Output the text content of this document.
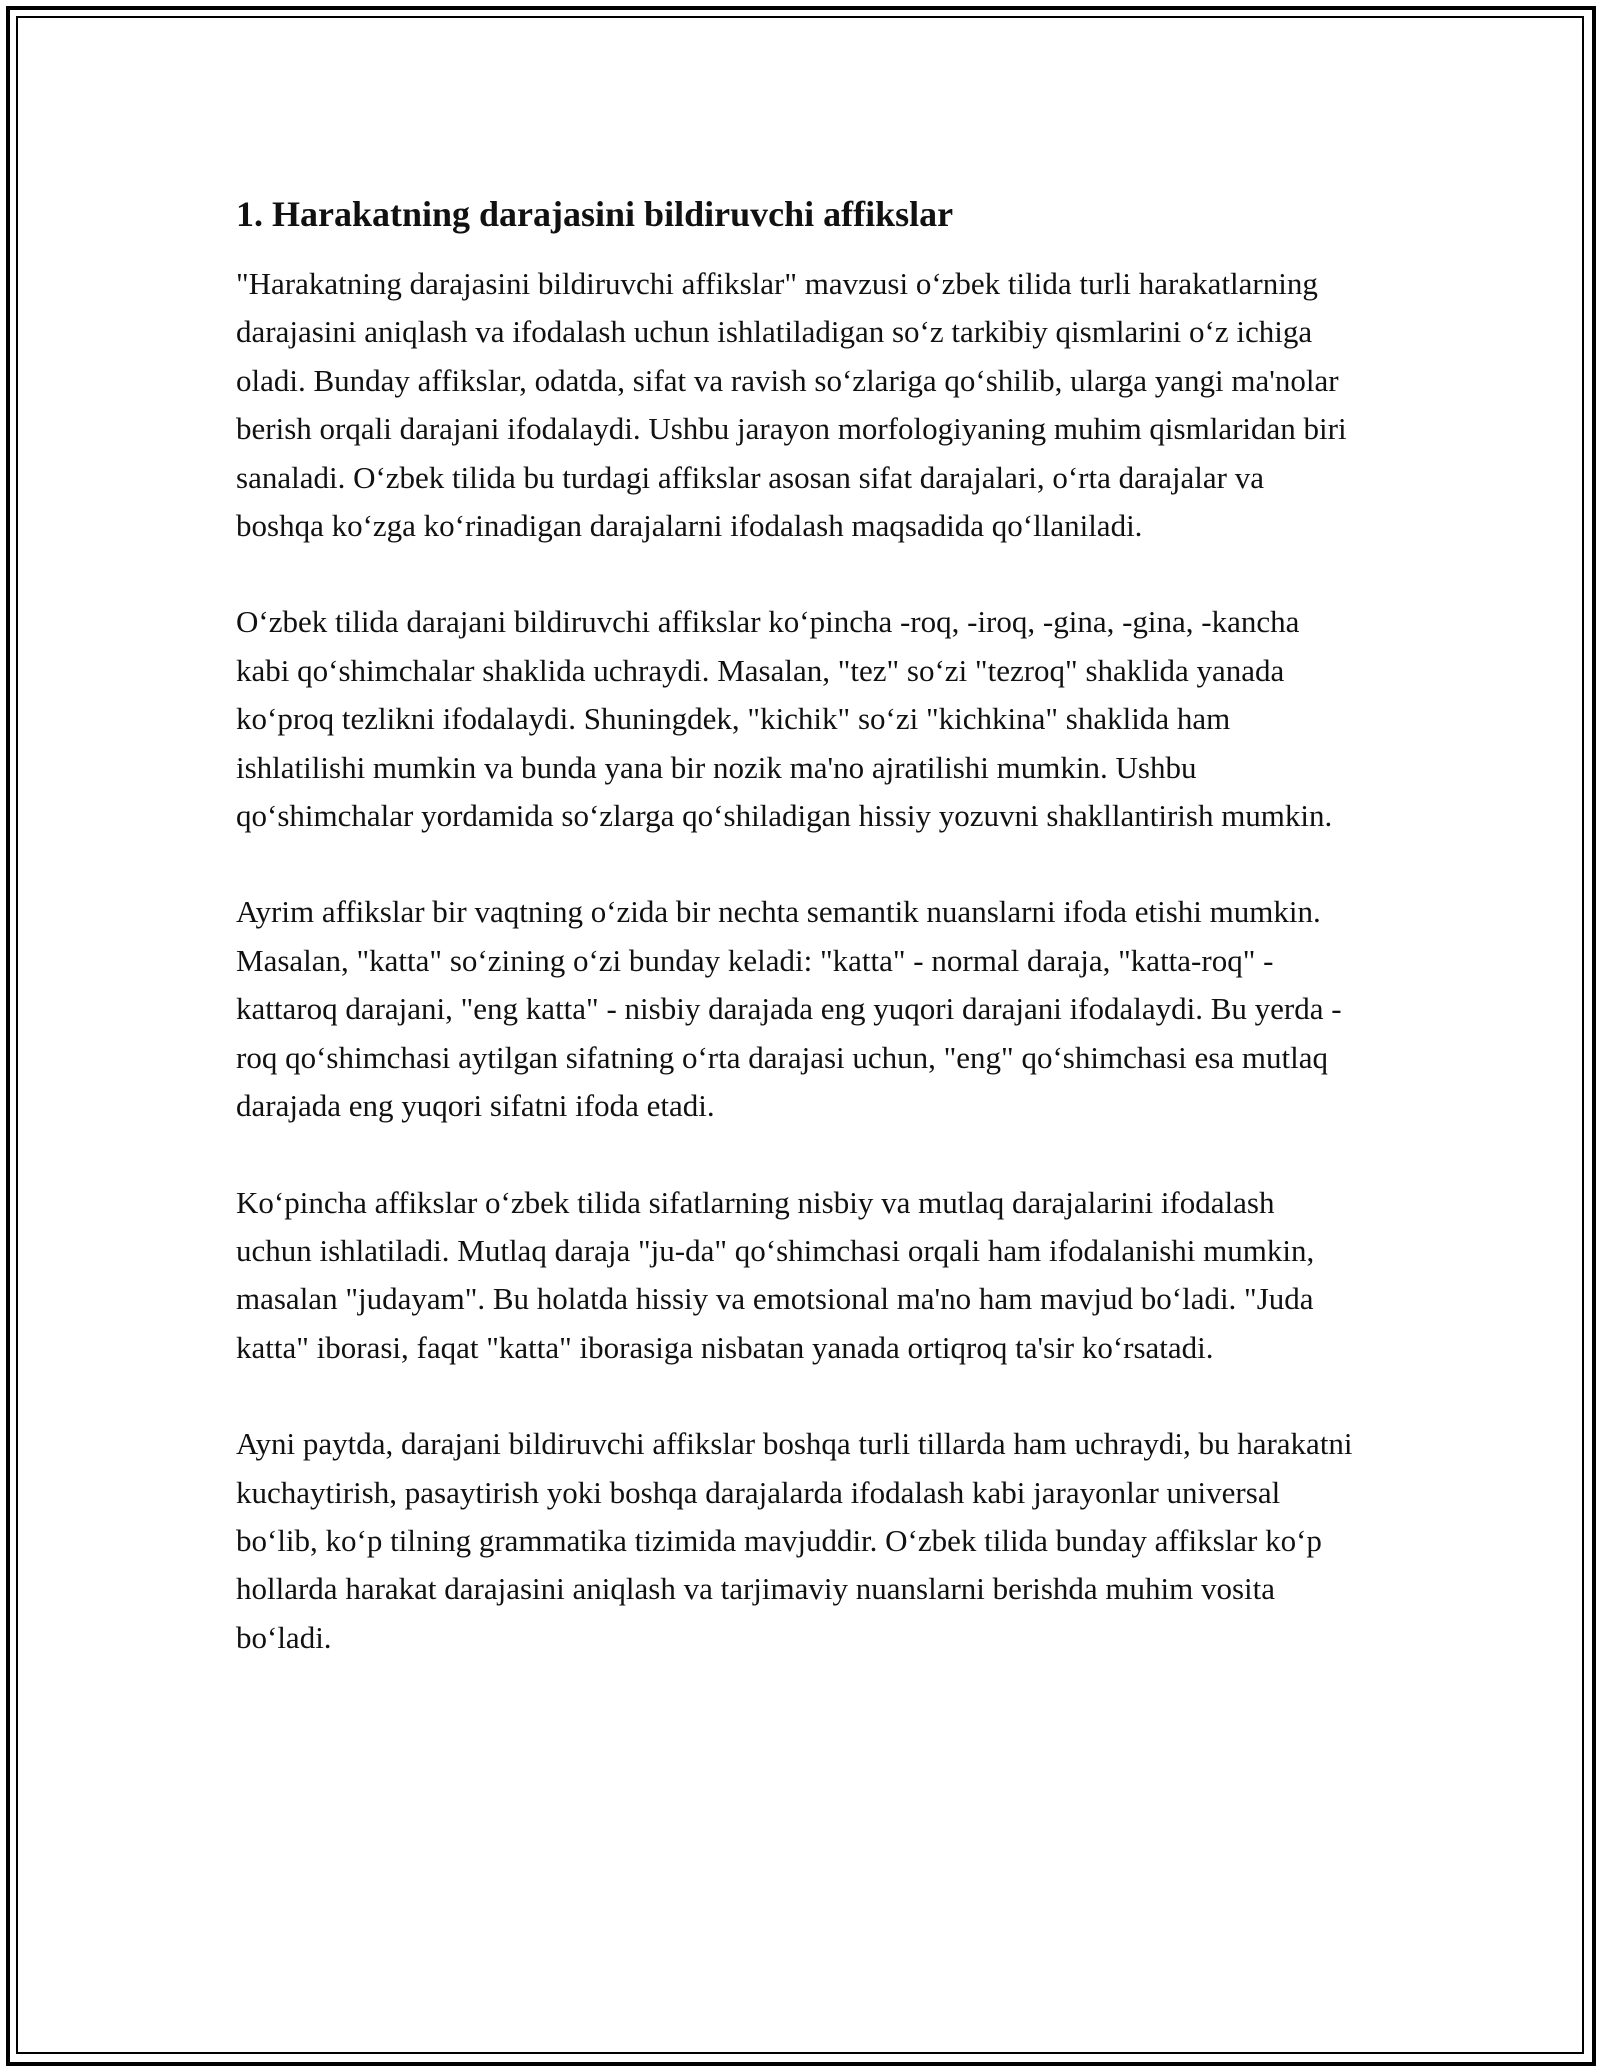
1. Harakatning darajasini bildiruvchi affikslar

"Harakatning darajasini bildiruvchi affikslar" mavzusi oʻzbek tilida turli harakatlarning darajasini aniqlash va ifodalash uchun ishlatiladigan soʻz tarkibiy qismlarini oʻz ichiga oladi. Bunday affikslar, odatda, sifat va ravish soʻzlariga qoʻshilib, ularga yangi ma'nolar berish orqali darajani ifodalaydi. Ushbu jarayon morfologiyaning muhim qismlaridan biri sanaladi. Oʻzbek tilida bu turdagi affikslar asosan sifat darajalari, oʻrta darajalar va boshqa koʻzga koʻrinadigan darajalarni ifodalash maqsadida qoʻllaniladi.

Oʻzbek tilida darajani bildiruvchi affikslar koʻpincha -roq, -iroq, -gina, -gina, -kancha kabi qoʻshimchalar shaklida uchraydi. Masalan, "tez" soʻzi "tezroq" shaklida yanada koʻproq tezlikni ifodalaydi. Shuningdek, "kichik" soʻzi "kichkina" shaklida ham ishlatilishi mumkin va bunda yana bir nozik ma'no ajratilishi mumkin. Ushbu qoʻshimchalar yordamida soʻzlarga qoʻshiladigan hissiy yozuvni shakllantirish mumkin.

Ayrim affikslar bir vaqtning oʻzida bir nechta semantik nuanslarni ifoda etishi mumkin. Masalan, "katta" soʻzining oʻzi bunday keladi: "katta" - normal daraja, "katta-roq" - kattaroq darajani, "eng katta" - nisbiy darajada eng yuqori darajani ifodalaydi. Bu yerda -roq qoʻshimchasi aytilgan sifatning oʻrta darajasi uchun, "eng" qoʻshimchasi esa mutlaq darajada eng yuqori sifatni ifoda etadi.

Koʻpincha affikslar oʻzbek tilida sifatlarning nisbiy va mutlaq darajalarini ifodalash uchun ishlatiladi. Mutlaq daraja "ju-da" qoʻshimchasi orqali ham ifodalanishi mumkin, masalan "judayam". Bu holatda hissiy va emotsional ma'no ham mavjud boʻladi. "Juda katta" iborasi, faqat "katta" iborasiga nisbatan yanada ortiqroq ta'sir koʻrsatadi.

Ayni paytda, darajani bildiruvchi affikslar boshqa turli tillarda ham uchraydi, bu harakatni kuchaytirish, pasaytirish yoki boshqa darajalarda ifodalash kabi jarayonlar universal boʻlib, koʻp tilning grammatika tizimida mavjuddir. Oʻzbek tilida bunday affikslar koʻp hollarda harakat darajasini aniqlash va tarjimaviy nuanslarni berishda muhim vosita boʻladi.
